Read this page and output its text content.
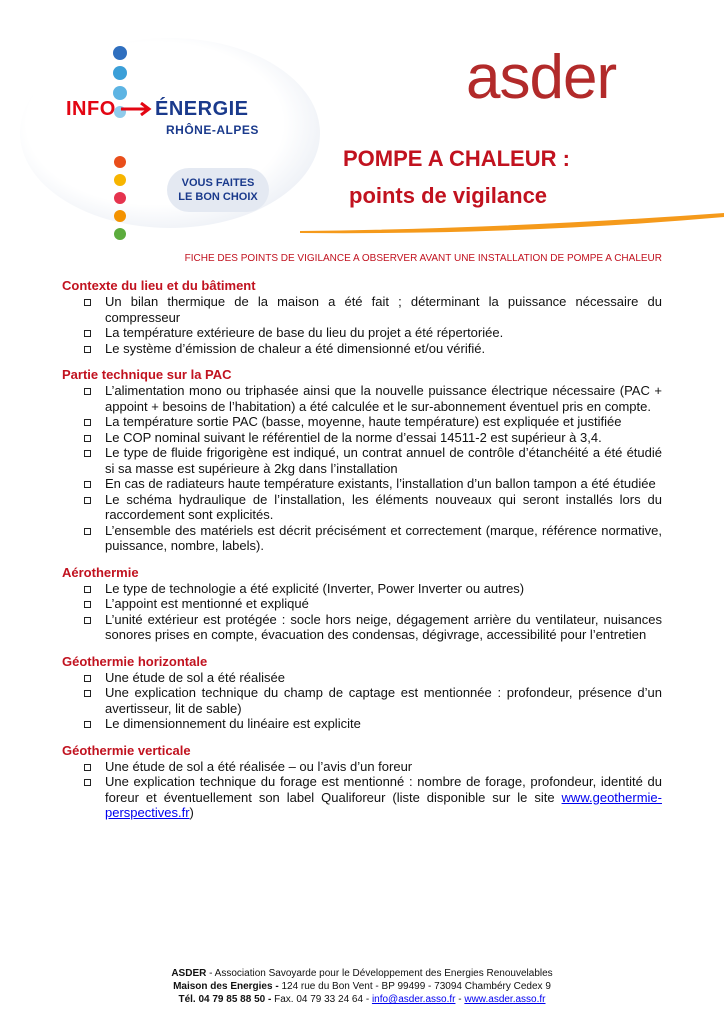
INFO ÉNERGIE
RHÔNE-ALPES
VOUS FAITES
LE BON CHOIX
asder
POMPE A CHALEUR :
points de vigilance
FICHE DES POINTS DE VIGILANCE A OBSERVER AVANT UNE INSTALLATION DE POMPE A CHALEUR
Contexte du lieu et du bâtiment
Un bilan thermique de la maison a été fait ; déterminant la puissance nécessaire du compresseur
La température extérieure de base du lieu du projet a été répertoriée.
Le système d’émission de chaleur a été dimensionné et/ou vérifié.
Partie technique sur la PAC
L’alimentation mono ou triphasée ainsi que la nouvelle puissance électrique nécessaire (PAC + appoint + besoins de l’habitation) a été calculée et le sur-abonnement éventuel pris en compte.
La température sortie PAC (basse, moyenne, haute température) est expliquée et justifiée
Le COP nominal suivant le référentiel de la norme d’essai 14511-2 est supérieur à 3,4.
Le type de fluide frigorigène est indiqué, un contrat annuel de contrôle d’étanchéité a été étudié si sa masse est supérieure à 2kg dans l’installation
En cas de radiateurs haute température existants, l’installation d’un ballon tampon a été étudiée
Le schéma hydraulique de l’installation, les éléments nouveaux qui seront installés lors du raccordement sont explicités.
L’ensemble des matériels est décrit précisément et correctement (marque, référence normative, puissance, nombre, labels).
Aérothermie
Le type de technologie a été explicité (Inverter, Power Inverter ou autres)
L’appoint est mentionné et expliqué
L’unité extérieur est protégée : socle hors neige, dégagement arrière du ventilateur, nuisances sonores prises en compte, évacuation des condensas, dégivrage, accessibilité pour l’entretien
Géothermie horizontale
Une étude de sol a été réalisée
Une explication technique du champ de captage est mentionnée : profondeur, présence d’un avertisseur, lit de sable)
Le dimensionnement du linéaire est explicite
Géothermie verticale
Une étude de sol a été réalisée – ou l’avis d’un foreur
Une explication technique du forage est mentionné : nombre de forage, profondeur, identité du foreur et éventuellement son label Qualiforeur (liste disponible sur le site www.geothermie-perspectives.fr)
ASDER - Association Savoyarde pour le Développement des Energies Renouvelables
Maison des Energies - 124 rue du Bon Vent - BP 99499 - 73094 Chambéry Cedex 9
Tél. 04 79 85 88 50 - Fax. 04 79 33 24 64 - info@asder.asso.fr - www.asder.asso.fr
